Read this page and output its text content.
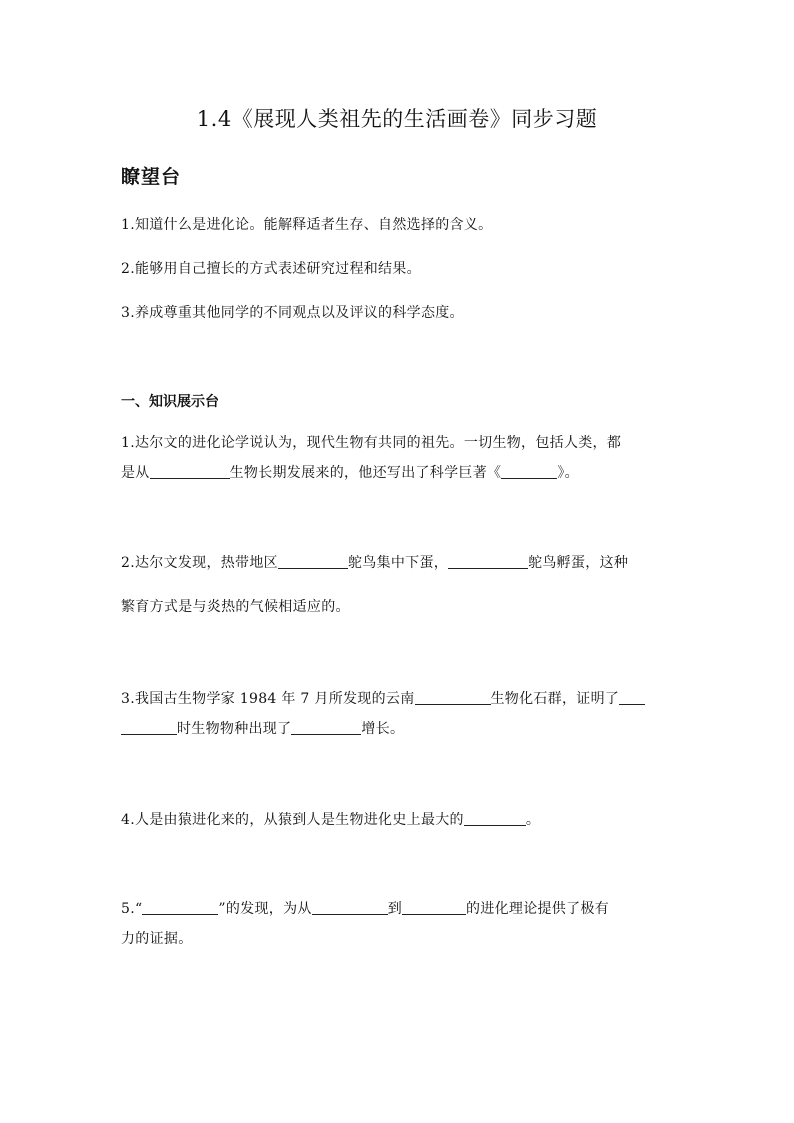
1.4《展现人类祖先的生活画卷》同步习题
瞭望台
1.知道什么是进化论。能解释适者生存、自然选择的含义。
2.能够用自己擅长的方式表述研究过程和结果。
3.养成尊重其他同学的不同观点以及评议的科学态度。
一、知识展示台
1.达尔文的进化论学说认为，现代生物有共同的祖先。一切生物，包括人类，都
是从	生物长期发展来的，他还写出了科学巨著《	》。
2.达尔文发现，热带地区	鸵鸟集中下蛋，	鸵鸟孵蛋，这种
繁育方式是与炎热的气候相适应的。
3.我国古生物学家 1984 年 7 月所发现的云南	生物化石群，证明了
时生物物种出现了	增长。
4.人是由猿进化来的，从猿到人是生物进化史上最大的	。
5.“	”的发现，为从	到	的进化理论提供了极有
力的证据。
